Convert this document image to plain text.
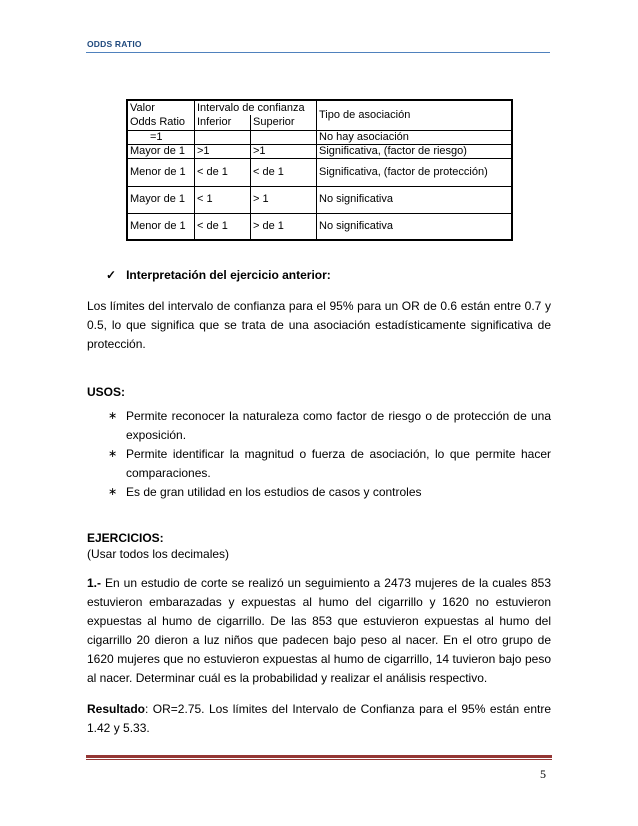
ODDS RATIO
Valor	Intervalo de confianza		Tipo de asociación
Odds Ratio	Inferior	Superior	
=1			No hay asociación
Mayor de 1	>1	>1	Significativa, (factor de riesgo)
Menor de 1	< de 1	< de 1	Significativa, (factor de protección)
Mayor de 1	< 1	> 1	No significativa
Menor de 1	< de 1	> de 1	No significativa
✓ Interpretación del ejercicio anterior:
Los límites del intervalo de confianza para el 95% para un OR de 0.6 están entre 0.7 y 0.5, lo que significa que se trata de una asociación estadísticamente significativa de protección.
USOS:
∗ Permite reconocer la naturaleza como factor de riesgo o de protección de una exposición.
∗ Permite identificar la magnitud o fuerza de asociación, lo que permite hacer comparaciones.
∗ Es de gran utilidad en los estudios de casos y controles
EJERCICIOS:
(Usar todos los decimales)
1.- En un estudio de corte se realizó un seguimiento a 2473 mujeres de la cuales 853 estuvieron embarazadas y expuestas al humo del cigarrillo y 1620 no estuvieron expuestas al humo de cigarrillo. De las 853 que estuvieron expuestas al humo del cigarrillo 20 dieron a luz niños que padecen bajo peso al nacer. En el otro grupo de 1620 mujeres que no estuvieron expuestas al humo de cigarrillo, 14 tuvieron bajo peso al nacer. Determinar cuál es la probabilidad y realizar el análisis respectivo.
Resultado: OR=2.75. Los límites del Intervalo de Confianza para el 95% están entre 1.42 y 5.33.
5
